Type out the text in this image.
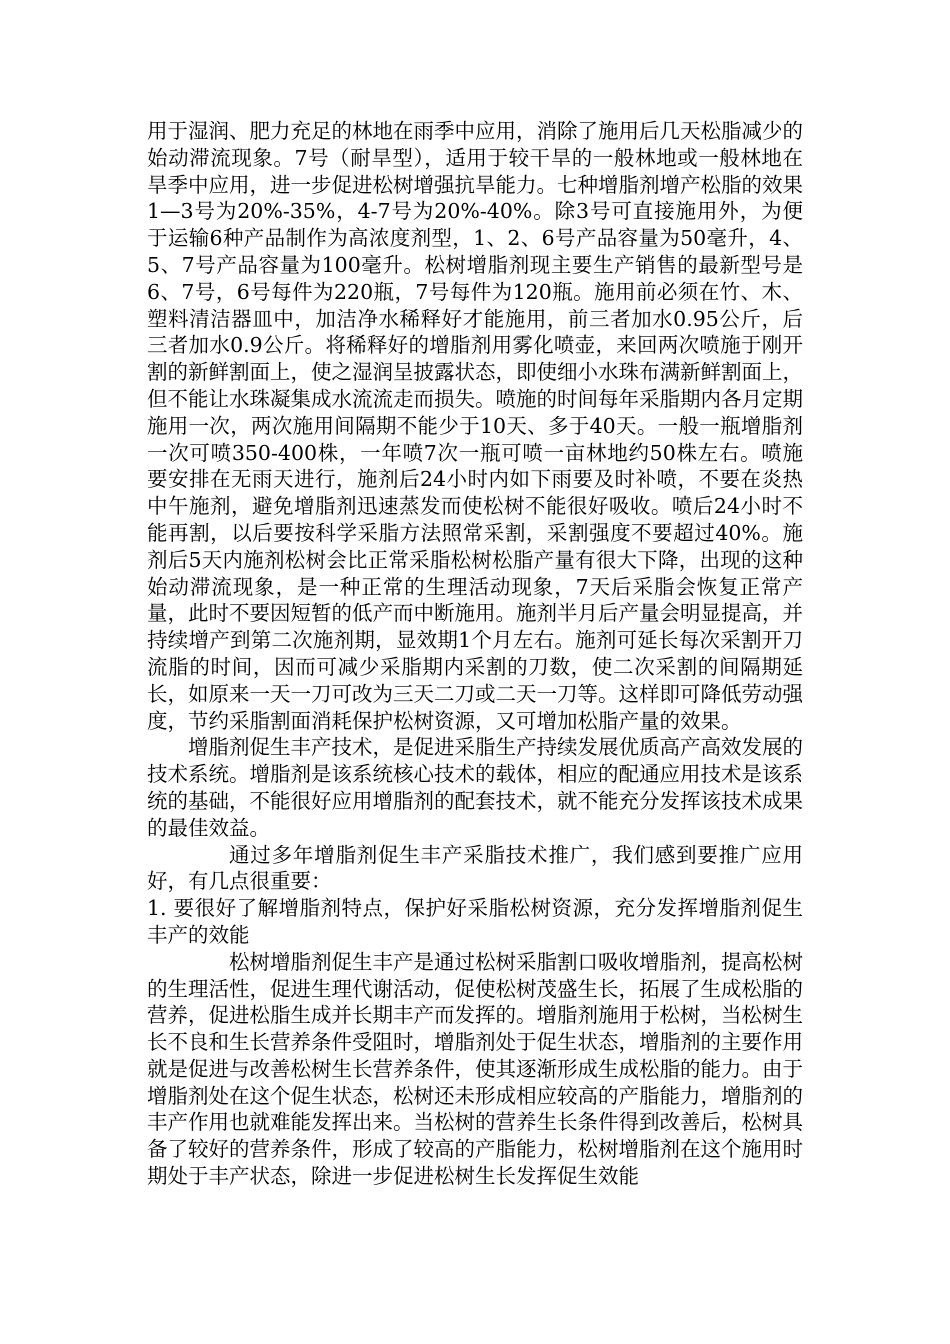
用于湿润、肥力充足的林地在雨季中应用，消除了施用后几天松脂减少的始动滞流现象。7号（耐旱型），适用于较干旱的一般林地或一般林地在旱季中应用，进一步促进松树增强抗旱能力。七种增脂剂增产松脂的效果1—3号为20%-35%，4-7号为20%-40%。除3号可直接施用外，为便于运输6种产品制作为高浓度剂型，1、2、6号产品容量为50毫升，4、5、7号产品容量为100毫升。松树增脂剂现主要生产销售的最新型号是6、7号，6号每件为220瓶，7号每件为120瓶。施用前必须在竹、木、塑料清洁器皿中，加洁净水稀释好才能施用，前三者加水0.95公斤，后三者加水0.9公斤。将稀释好的增脂剂用雾化喷壶，来回两次喷施于刚开割的新鲜割面上，使之湿润呈披露状态，即使细小水珠布满新鲜割面上，但不能让水珠凝集成水流流走而损失。喷施的时间每年采脂期内各月定期施用一次，两次施用间隔期不能少于10天、多于40天。一般一瓶增脂剂一次可喷350-400株，一年喷7次一瓶可喷一亩林地约50株左右。喷施要安排在无雨天进行，施剂后24小时内如下雨要及时补喷，不要在炎热中午施剂，避免增脂剂迅速蒸发而使松树不能很好吸收。喷后24小时不能再割，以后要按科学采脂方法照常采割，采割强度不要超过40%。施剂后5天内施剂松树会比正常采脂松树松脂产量有很大下降，出现的这种始动滞流现象，是一种正常的生理活动现象，7天后采脂会恢复正常产量，此时不要因短暂的低产而中断施用。施剂半月后产量会明显提高，并持续增产到第二次施剂期，显效期1个月左右。施剂可延长每次采割开刀流脂的时间，因而可减少采脂期内采割的刀数，使二次采割的间隔期延长，如原来一天一刀可改为三天二刀或二天一刀等。这样即可降低劳动强度，节约采脂割面消耗保护松树资源，又可增加松脂产量的效果。

增脂剂促生丰产技术，是促进采脂生产持续发展优质高产高效发展的技术系统。增脂剂是该系统核心技术的载体，相应的配通应用技术是该系统的基础，不能很好应用增脂剂的配套技术，就不能充分发挥该技术成果的最佳效益。

通过多年增脂剂促生丰产采脂技术推广，我们感到要推广应用好，有几点很重要：

1. 要很好了解增脂剂特点，保护好采脂松树资源，充分发挥增脂剂促生丰产的效能

松树增脂剂促生丰产是通过松树采脂割口吸收增脂剂，提高松树的生理活性，促进生理代谢活动，促使松树茂盛生长，拓展了生成松脂的营养，促进松脂生成并长期丰产而发挥的。增脂剂施用于松树，当松树生长不良和生长营养条件受阻时，增脂剂处于促生状态，增脂剂的主要作用就是促进与改善松树生长营养条件，使其逐渐形成生成松脂的能力。由于增脂剂处在这个促生状态，松树还未形成相应较高的产脂能力，增脂剂的丰产作用也就难能发挥出来。当松树的营养生长条件得到改善后，松树具备了较好的营养条件，形成了较高的产脂能力，松树增脂剂在这个施用时期处于丰产状态，除进一步促进松树生长发挥促生效能
